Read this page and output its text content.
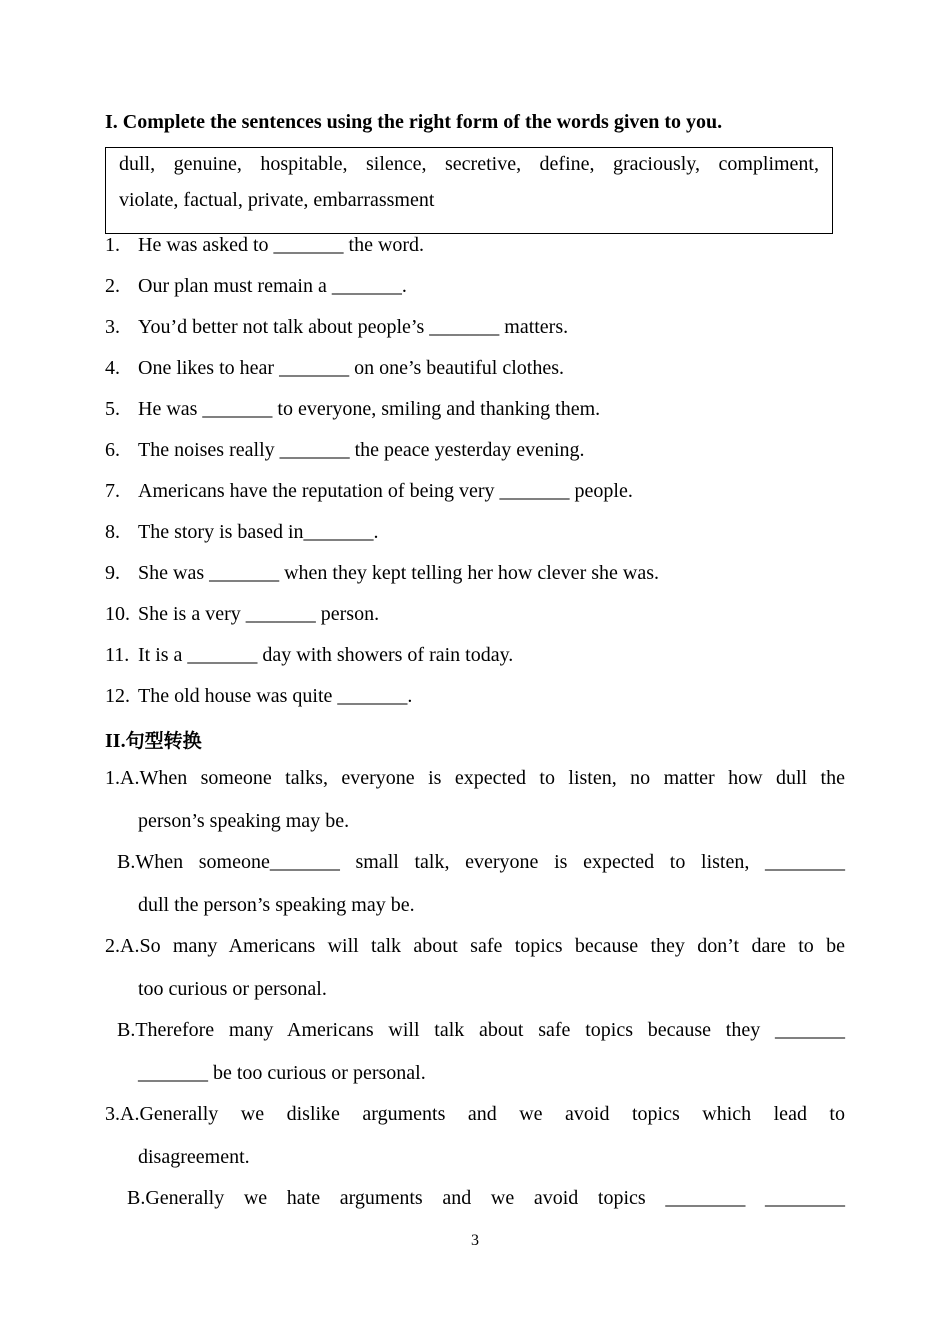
I. Complete the sentences using the right form of the words given to you.
dull, genuine, hospitable, silence, secretive, define, graciously, compliment,
violate, factual, private, embarrassment
1. He was asked to _______ the word.
2. Our plan must remain a _______.
3. You’d better not talk about people’s _______ matters.
4. One likes to hear _______ on one’s beautiful clothes.
5. He was _______ to everyone, smiling and thanking them.
6. The noises really _______ the peace yesterday evening.
7. Americans have the reputation of being very _______ people.
8. The story is based in_______.
9. She was _______ when they kept telling her how clever she was.
10. She is a very _______ person.
11. It is a _______ day with showers of rain today.
12. The old house was quite _______.
II.句型转换
1.A.When someone talks, everyone is expected to listen, no matter how dull the
person’s speaking may be.
B.When someone_______ small talk, everyone is expected to listen, ________
dull the person’s speaking may be.
2.A.So many Americans will talk about safe topics because they don’t dare to be
too curious or personal.
B.Therefore many Americans will talk about safe topics because they _______
_______ be too curious or personal.
3.A.Generally we dislike arguments and we avoid topics which lead to
disagreement.
B.Generally we hate arguments and we avoid topics ________ ________
3
